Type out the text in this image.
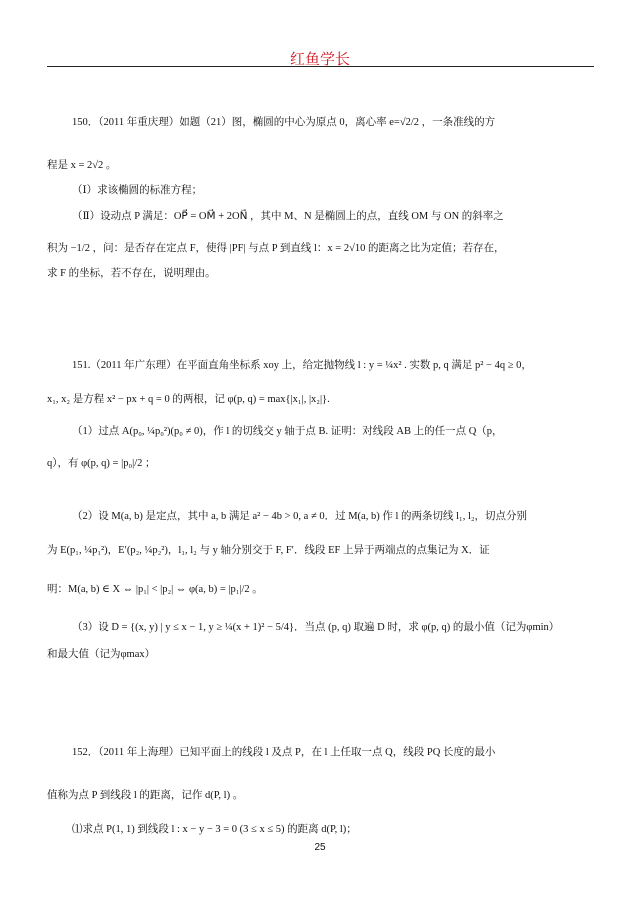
红鱼学长
150．（2011 年重庆理）如题（21）图，椭圆的中心为原点 0，离心率 e=√2/2 ，一条准线的方
程是 x = 2√2 。
（Ⅰ）求该椭圆的标准方程；
（Ⅱ）设动点 P 满足：OP⃗ = OM⃗ + 2ON⃗ ，其中 M、N 是椭圆上的点，直线 OM 与 ON 的斜率之
积为 −1/2 ，问：是否存在定点 F，使得 |PF| 与点 P 到直线 l：x = 2√10 的距离之比为定值；若存在，
求 F 的坐标，若不存在，说明理由。
151.（2011 年广东理）在平面直角坐标系 xoy 上，给定抛物线 l : y = ¼x² . 实数 p, q 满足 p² − 4q ≥ 0，
x₁, x₂ 是方程 x² − px + q = 0 的两根，记 φ(p, q) = max{|x₁|, |x₂|}.
（1）过点 A(p₀, ¼p₀²)(p₀ ≠ 0)，作 l 的切线交 y 轴于点 B. 证明：对线段 AB 上的任一点 Q（p，
q），有 φ(p, q) = |p₀|/2 ；
（2）设 M(a, b) 是定点，其中 a, b 满足 a² − 4b > 0, a ≠ 0．过 M(a, b) 作 l 的两条切线 l₁, l₂，切点分别
为 E(p₁, ¼p₁²)，E′(p₂, ¼p₂²)，l₁, l₂ 与 y 轴分别交于 F, F′．线段 EF 上异于两端点的点集记为 X．证
明：M(a, b) ∈ X ⇔ |p₁| < |p₂| ⇔ φ(a, b) = |p₁|/2 。
（3）设 D = {(x, y) | y ≤ x − 1, y ≥ ¼(x + 1)² − 5/4}．当点 (p, q) 取遍 D 时，求 φ(p, q) 的最小值（记为φmin）
和最大值（记为φmax）
152．（2011 年上海理）已知平面上的线段 l 及点 P，在 l 上任取一点 Q，线段 PQ 长度的最小
值称为点 P 到线段 l 的距离，记作 d(P, l) 。
⑴求点 P(1, 1) 到线段 l : x − y − 3 = 0 (3 ≤ x ≤ 5) 的距离 d(P, l)；
25
